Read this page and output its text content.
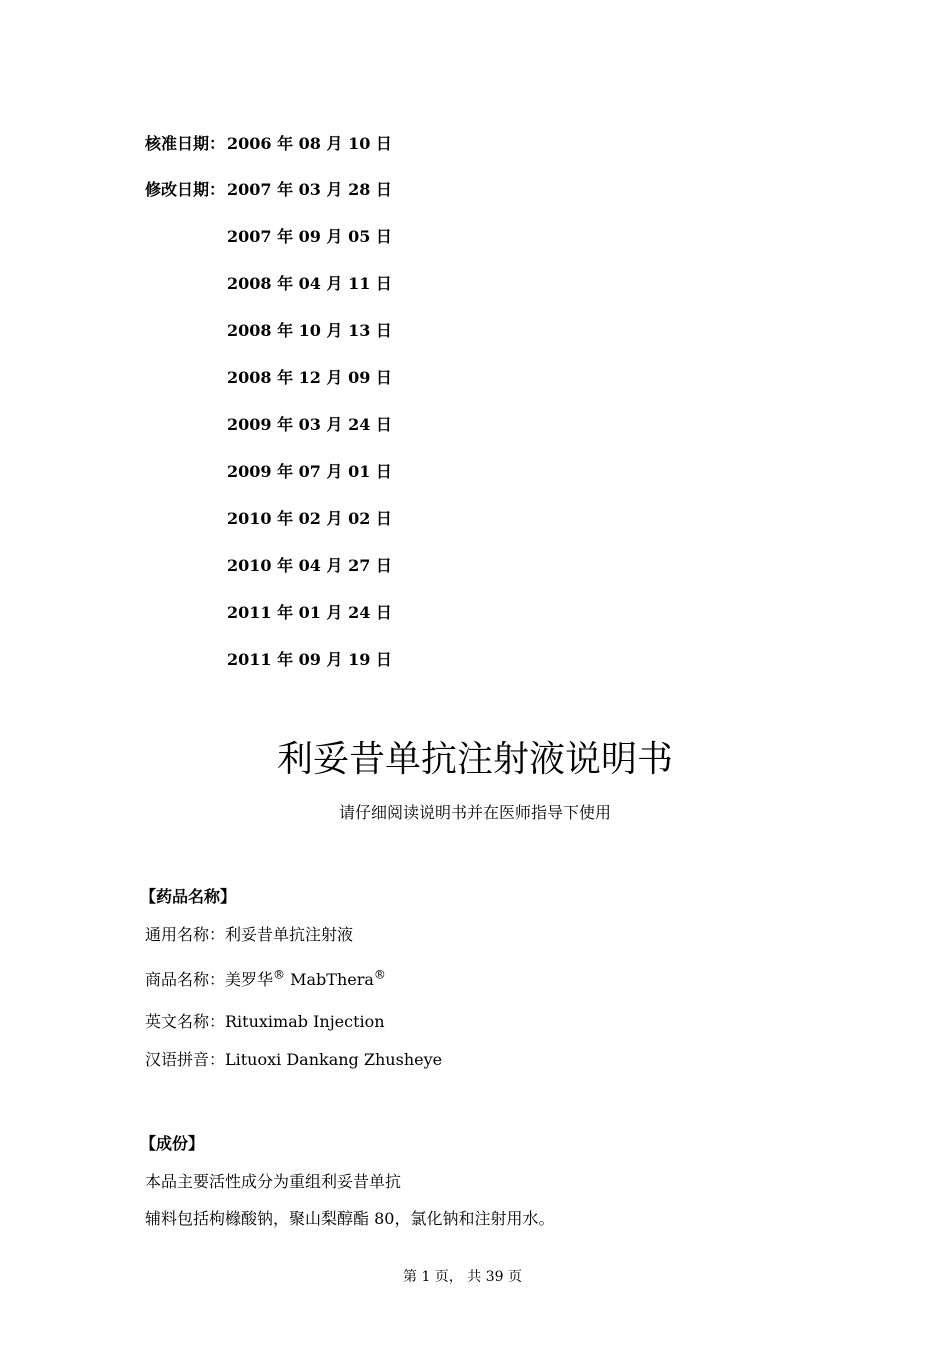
核准日期： 2006 年 08 月 10 日
修改日期： 2007 年 03 月 28 日
2007 年 09 月 05 日
2008 年 04 月 11 日
2008 年 10 月 13 日
2008 年 12 月 09 日
2009 年 03 月 24 日
2009 年 07 月 01 日
2010 年 02 月 02 日
2010 年 04 月 27 日
2011 年 01 月 24 日
2011 年 09 月 19 日
利妥昔单抗注射液说明书
请仔细阅读说明书并在医师指导下使用
【药品名称】
通用名称：利妥昔单抗注射液
商品名称：美罗华® MabThera®
英文名称：Rituximab Injection
汉语拼音：Lituoxi Dankang Zhusheye
【成份】
本品主要活性成分为重组利妥昔单抗
辅料包括枸橼酸钠，聚山梨醇酯 80，氯化钠和注射用水。
第 1 页， 共 39 页
